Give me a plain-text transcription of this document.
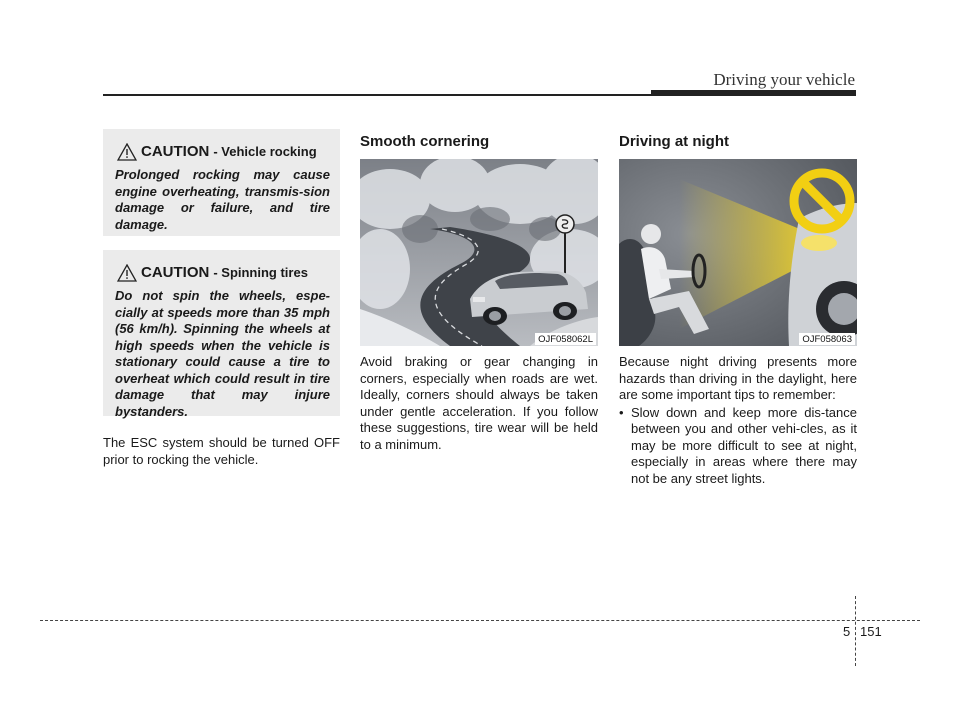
Driving your vehicle
CAUTION - Vehicle rocking
Prolonged rocking may cause engine overheating, transmis-sion damage or failure, and tire damage.
CAUTION - Spinning tires
Do not spin the wheels, espe-cially at speeds more than 35 mph (56 km/h). Spinning the wheels at high speeds when the vehicle is stationary could cause a tire to overheat which could result in tire damage that may injure bystanders.
The ESC system should be turned OFF prior to rocking the vehicle.
Smooth cornering
OJF058062L
Avoid braking or gear changing in corners, especially when roads are wet. Ideally, corners should always be taken under gentle acceleration. If you follow these suggestions, tire wear will be held to a minimum.
Driving at night
OJF058063
Because night driving presents more hazards than driving in the daylight, here are some important tips to remember:
• Slow down and keep more dis-tance between you and other vehi-cles, as it may be more difficult to see at night, especially in areas where there may not be any street lights.
5 151
